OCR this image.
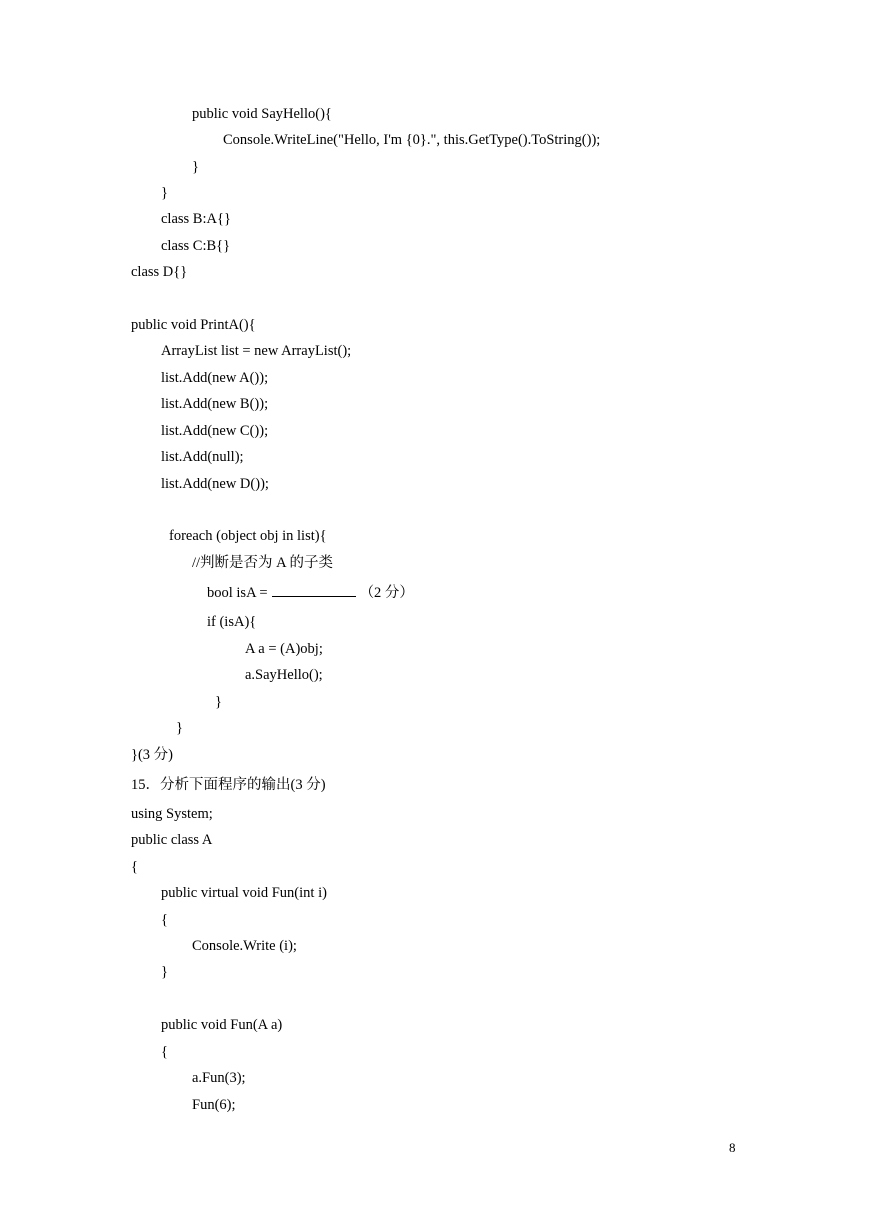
public void SayHello(){
Console.WriteLine("Hello, I'm {0}.", this.GetType().ToString());
}
}
class B:A{}
class C:B{}
class D{}
public void PrintA(){
ArrayList list = new ArrayList();
list.Add(new A());
list.Add(new B());
list.Add(new C());
list.Add(null);
list.Add(new D());
foreach (object obj in list){
//判断是否为 A 的子类
bool isA =	（2 分）
if (isA){
A a = (A)obj;
a.SayHello();
}
}
}(3 分)
15．分析下面程序的输出(3 分)
using System;
public class A
{
public virtual void Fun(int i)
{
Console.Write (i);
}
public void Fun(A a)
{
a.Fun(3);
Fun(6);
8
